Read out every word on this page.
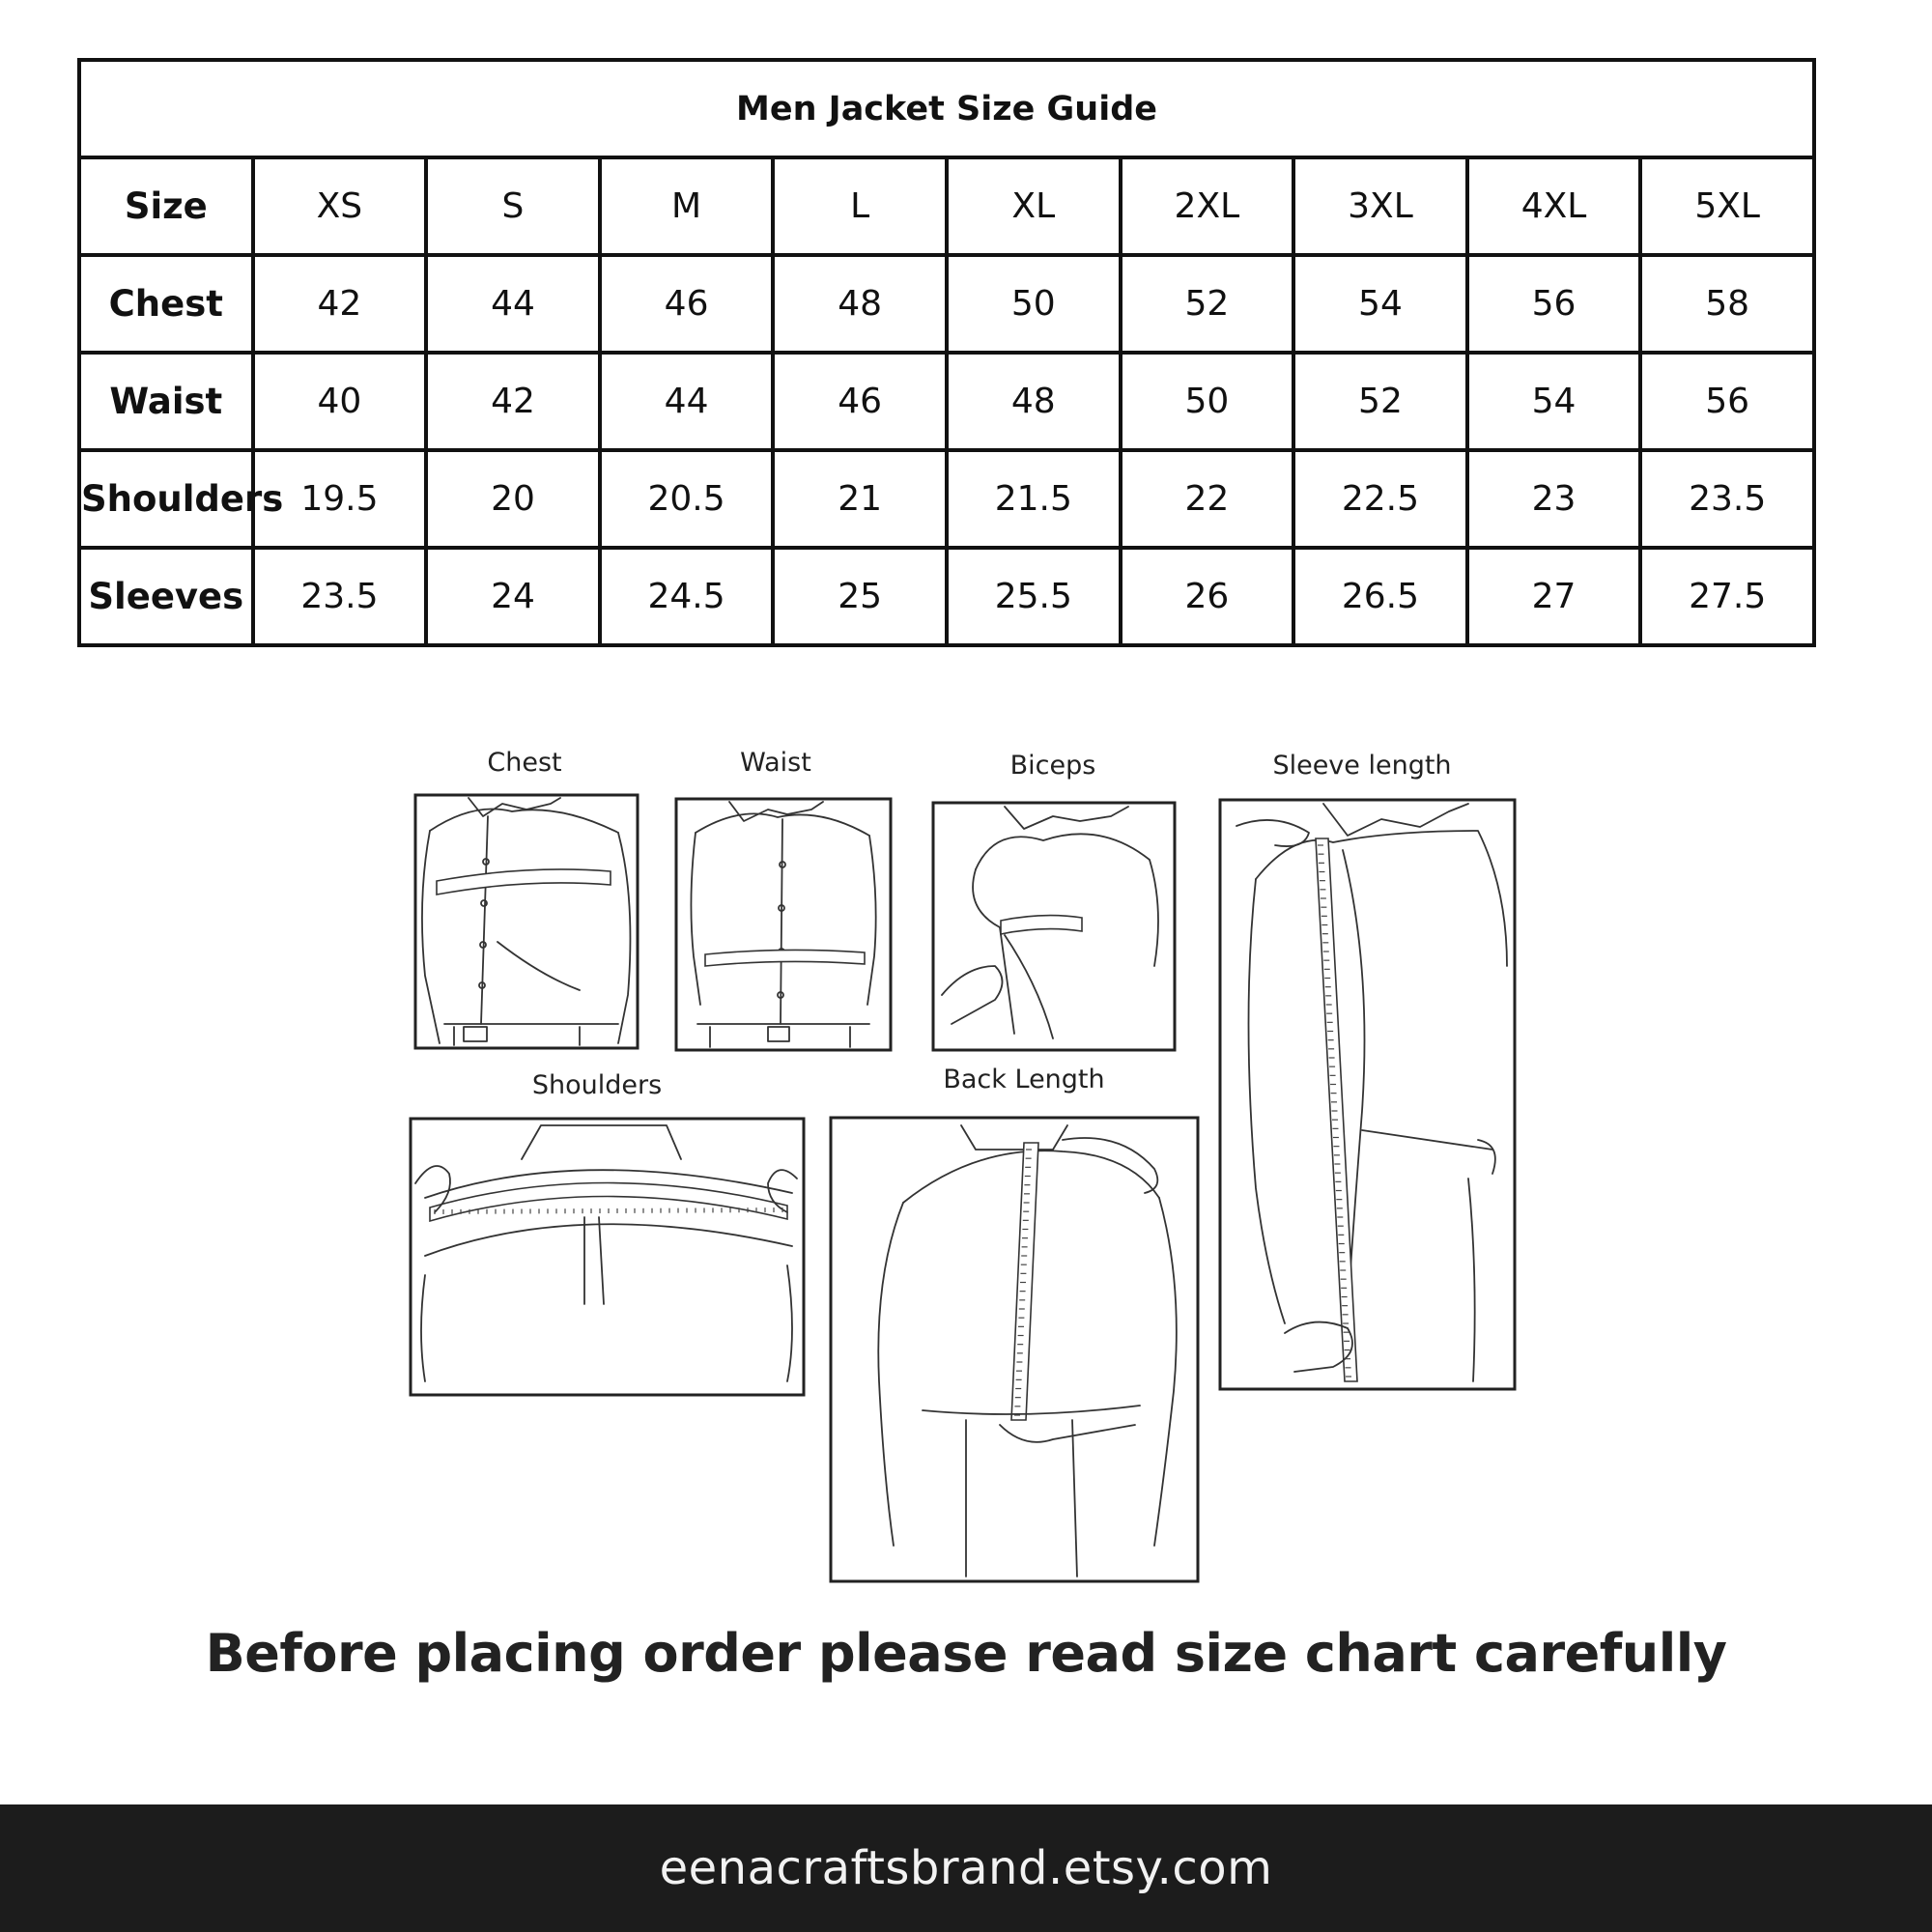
Men Jacket Size Guide									
Size	XS	S	M	L	XL	2XL	3XL	4XL	5XL
Chest	42	44	46	48	50	52	54	56	58
Waist	40	42	44	46	48	50	52	54	56
Shoulders	19.5	20	20.5	21	21.5	22	22.5	23	23.5
Sleeves	23.5	24	24.5	25	25.5	26	26.5	27	27.5
Chest	Waist	Biceps	Sleeve length
Shoulders	Back Length
Before placing order please read size chart carefully
eenacraftsbrand.etsy.com
